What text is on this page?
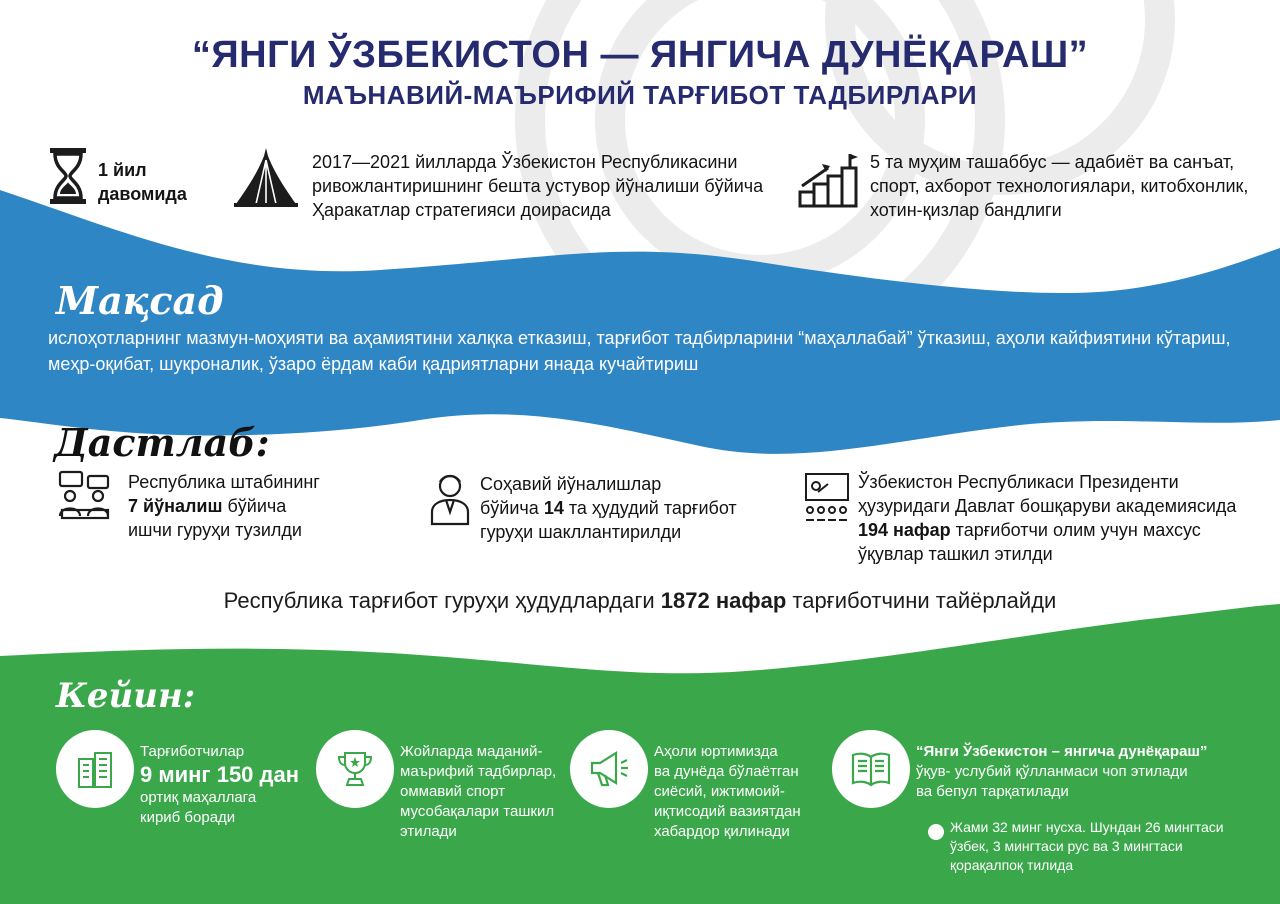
“ЯНГИ ЎЗБЕКИСТОН — ЯНГИЧА ДУНЁҚАРАШ”
МАЪНАВИЙ-МАЪРИФИЙ ТАРҒИБОТ ТАДБИРЛАРИ
1 йил
давомида
2017—2021 йилларда Ўзбекистон Республикасини
ривожлантиришнинг бешта устувор йўналиши бўйича
Ҳаракатлар стратегияси доирасида
5 та муҳим ташаббус — адабиёт ва санъат,
спорт, ахборот технологиялари, китобхонлик,
хотин-қизлар бандлиги
Мақсад
ислоҳотларнинг мазмун-моҳияти ва аҳамиятини халқка етказиш, тарғибот тадбирларини “маҳаллабай” ўтказиш, аҳоли кайфиятини кўтариш,
меҳр-оқибат, шукроналик, ўзаро ёрдам каби қадриятларни янада кучайтириш
Дастлаб:
Республика штабининг
7 йўналиш бўйича
ишчи гуруҳи тузилди
Соҳавий йўналишлар
бўйича 14 та ҳудудий тарғибот
гуруҳи шакллантирилди
Ўзбекистон Республикаси Президенти
ҳузуридаги Давлат бошқаруви академиясида
194 нафар тарғиботчи олим учун махсус
ўқувлар ташкил этилди
Республика тарғибот гуруҳи ҳудудлардаги 1872 нафар тарғиботчини тайёрлайди
Кейин:
Тарғиботчилар
9 минг 150 дан
ортиқ маҳаллага
кириб боради
Жойларда маданий-
маърифий тадбирлар,
оммавий спорт
мусобақалари ташкил
этилади
Аҳоли юртимизда
ва дунёда бўлаётган
сиёсий, ижтимоий-
иқтисодий вазиятдан
хабардор қилинади
“Янги Ўзбекистон – янгича дунёқараш”
ўқув- услубий қўлланмаси чоп этилади
ва бепул тарқатилади
Жами 32 минг нусха. Шундан 26 мингтаси
ўзбек, 3 мингтаси рус ва 3 мингтаси
қорақалпоқ тилида
